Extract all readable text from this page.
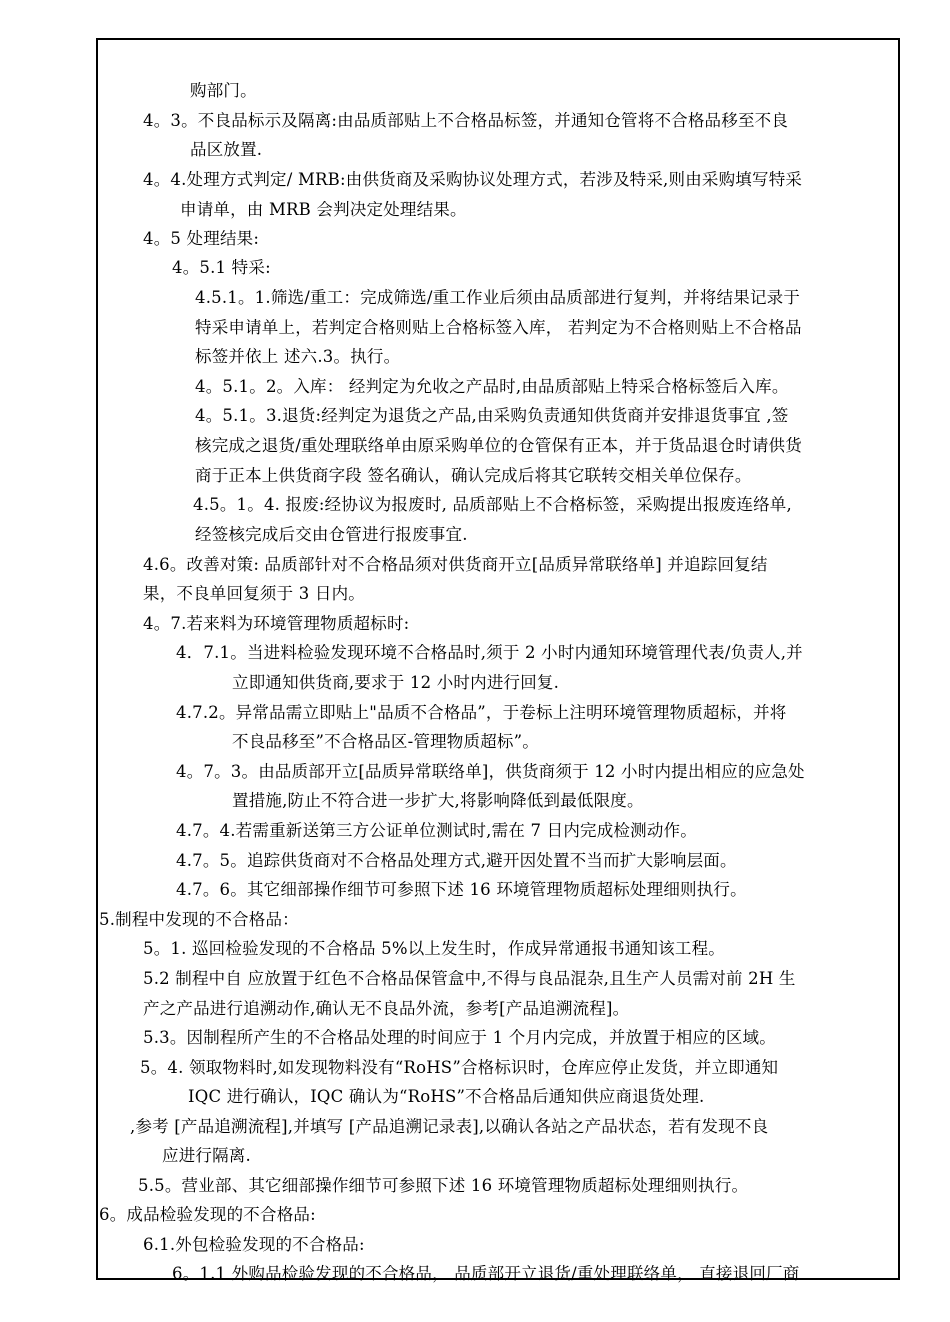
购部门。
4。3。不良品标示及隔离:由品质部贴上不合格品标签，并通知仓管将不合格品移至不良
品区放置.
4。4.处理方式判定/ MRB:由供货商及采购协议处理方式，若涉及特采,则由采购填写特采
申请单，由 MRB 会判决定处理结果。
4。5 处理结果:
4。5.1 特采:
4.5.1。1.筛选/重工：完成筛选/重工作业后须由品质部进行复判，并将结果记录于
特采申请单上，若判定合格则贴上合格标签入库， 若判定为不合格则贴上不合格品
标签并依上 述六.3。执行。
4。5.1。2。入库： 经判定为允收之产品时,由品质部贴上特采合格标签后入库。
4。5.1。3.退货:经判定为退货之产品,由采购负责通知供货商并安排退货事宜 ,签
核完成之退货/重处理联络单由原采购单位的仓管保有正本，并于货品退仓时请供货
商于正本上供货商字段 签名确认，确认完成后将其它联转交相关单位保存。
4.5。1。4. 报废:经协议为报废时, 品质部贴上不合格标签，采购提出报废连络单,
经签核完成后交由仓管进行报废事宜.
4.6。改善对策: 品质部针对不合格品须对供货商开立[品质异常联络单] 并追踪回复结
果，不良单回复须于 3 日内。
4。7.若来料为环境管理物质超标时:
4．7.1。当进料检验发现环境不合格品时,须于 2 小时内通知环境管理代表/负责人,并
立即通知供货商,要求于 12 小时内进行回复.
4.7.2。异常品需立即贴上"品质不合格品”，于卷标上注明环境管理物质超标，并将
不良品移至”不合格品区-管理物质超标”。
4。7。3。由品质部开立[品质异常联络单]，供货商须于 12 小时内提出相应的应急处
置措施,防止不符合进一步扩大,将影响降低到最低限度。
4.7。4.若需重新送第三方公证单位测试时,需在 7 日内完成检测动作。
4.7。5。追踪供货商对不合格品处理方式,避开因处置不当而扩大影响层面。
4.7。6。其它细部操作细节可参照下述 16 环境管理物质超标处理细则执行。
5.制程中发现的不合格品：
5。1. 巡回检验发现的不合格品 5%以上发生时，作成异常通报书通知该工程。
5.2 制程中自 应放置于红色不合格品保管盒中,不得与良品混杂,且生产人员需对前 2H 生
产之产品进行追溯动作,确认无不良品外流，参考[产品追溯流程]。
5.3。因制程所产生的不合格品处理的时间应于 1 个月内完成，并放置于相应的区域。
5。4. 领取物料时,如发现物料没有“RoHS”合格标识时，仓库应停止发货，并立即通知
IQC 进行确认，IQC 确认为“RoHS”不合格品后通知供应商退货处理.
,参考 [产品追溯流程],并填写 [产品追溯记录表],以确认各站之产品状态，若有发现不良
应进行隔离.
5.5。营业部、其它细部操作细节可参照下述 16 环境管理物质超标处理细则执行。
6。成品检验发现的不合格品:
6.1.外包检验发现的不合格品:
6。1.1 外购品检验发现的不合格品， 品质部开立退货/重处理联络单， 直接退回厂商
